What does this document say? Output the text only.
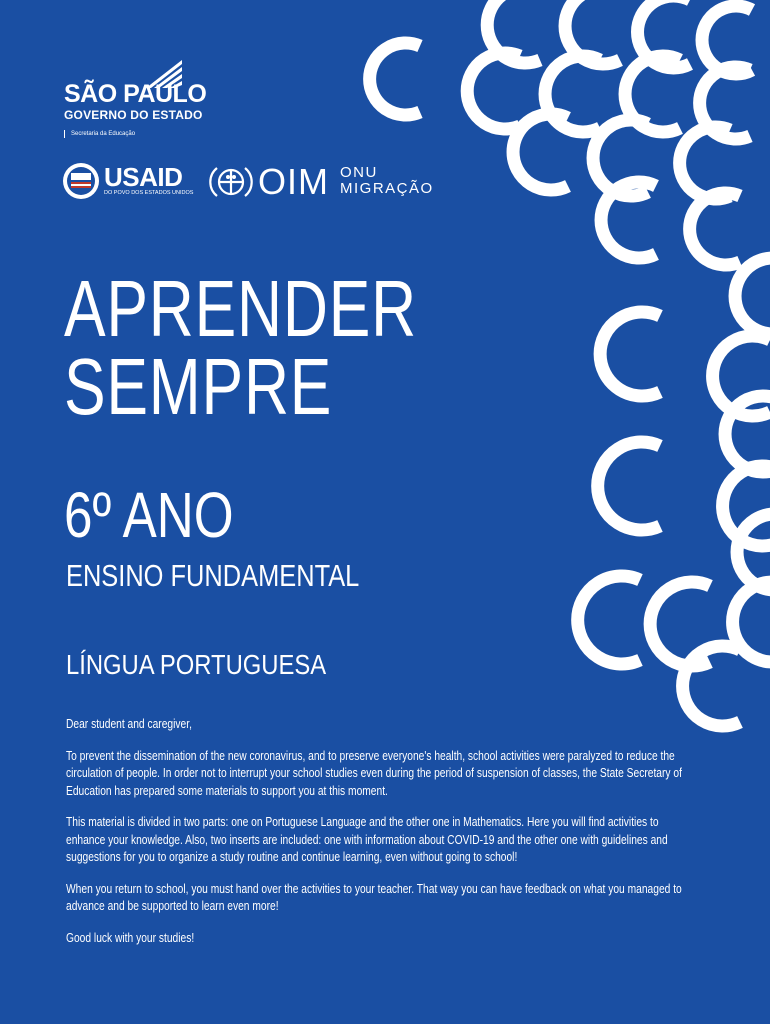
SÃO PAULO
GOVERNO DO ESTADO
Secretaria da Educação
USAID
DO POVO DOS ESTADOS UNIDOS OIM ONU
MIGRAÇÃO
APRENDER
SEMPRE
6º ANO
ENSINO FUNDAMENTAL
LÍNGUA PORTUGUESA

Dear student and caregiver,

To prevent the dissemination of the new coronavirus, and to preserve everyone's health, school activities were paralyzed to reduce the circulation of people. In order not to interrupt your school studies even during the period of suspension of classes, the State Secretary of Education has prepared some materials to support you at this moment.

This material is divided in two parts: one on Portuguese Language and the other one in Mathematics. Here you will find activities to enhance your knowledge. Also, two inserts are included: one with information about COVID-19 and the other one with guidelines and suggestions for you to organize a study routine and continue learning, even without going to school!

When you return to school, you must hand over the activities to your teacher. That way you can have feedback on what you managed to advance and be supported to learn even more!

Good luck with your studies!
